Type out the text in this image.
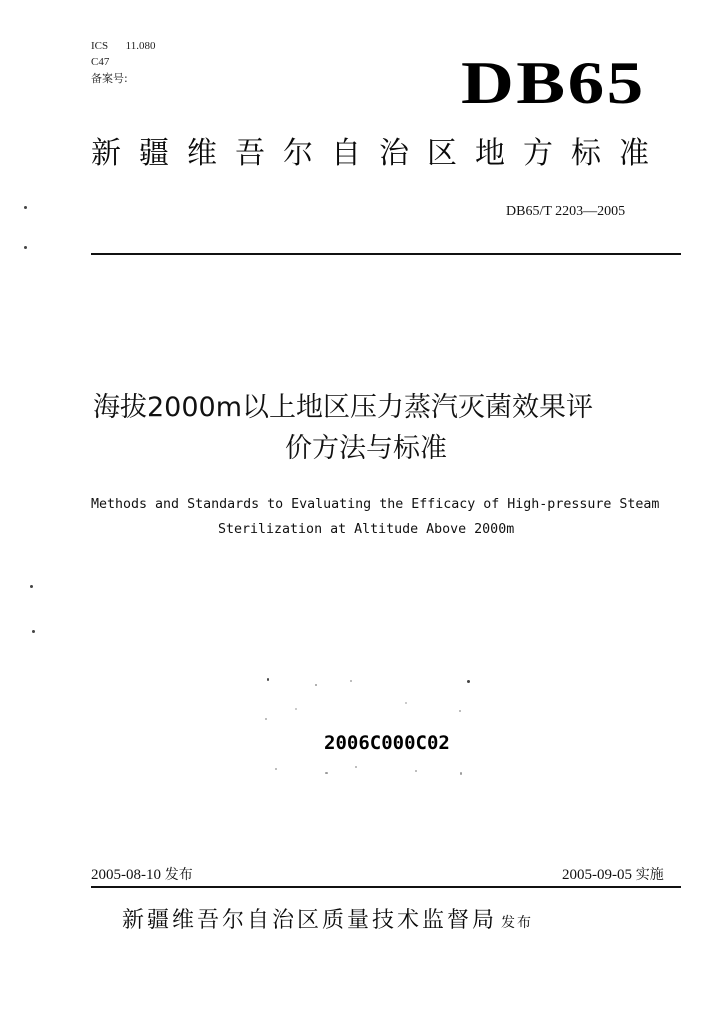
ICS 11.080
C47
备案号:	DB65
新疆维吾尔自治区地方标准
DB65/T 2203—2005
海拔2000m以上地区压力蒸汽灭菌效果评
价方法与标准
Methods and Standards to Evaluating the Efficacy of High-pressure Steam
Sterilization at Altitude Above 2000m
2006C000C02
2005-08-10 发布	2005-09-05 实施
新疆维吾尔自治区质量技术监督局 发布
